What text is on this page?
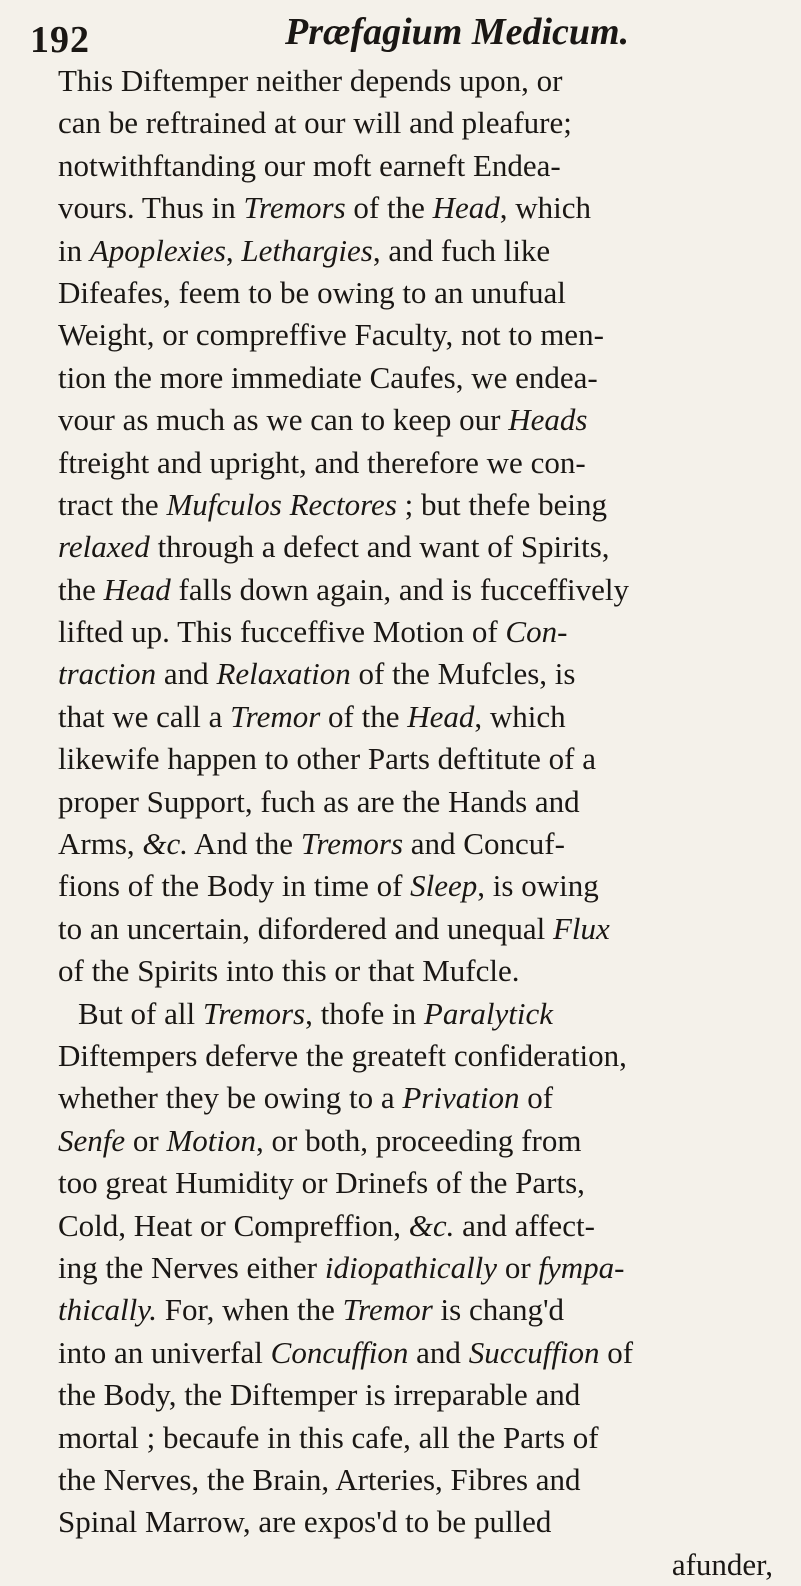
192	Præfagium Medicum.
This Diftemper neither depends upon, or
can be reftrained at our will and pleafure;
notwithftanding our moft earneft Endea-
vours. Thus in Tremors of the Head, which
in Apoplexies, Lethargies, and fuch like
Difeafes, feem to be owing to an unufual
Weight, or compreffive Faculty, not to men-
tion the more immediate Caufes, we endea-
vour as much as we can to keep our Heads
ftreight and upright, and therefore we con-
tract the Mufculos Rectores ; but thefe being
relaxed through a defect and want of Spirits,
the Head falls down again, and is fucceffively
lifted up. This fucceffive Motion of Con-
traction and Relaxation of the Mufcles, is
that we call a Tremor of the Head, which
likewife happen to other Parts deftitute of a
proper Support, fuch as are the Hands and
Arms, &c. And the Tremors and Concuf-
fions of the Body in time of Sleep, is owing
to an uncertain, difordered and unequal Flux
of the Spirits into this or that Mufcle.
But of all Tremors, thofe in Paralytick
Diftempers deferve the greateft confideration,
whether they be owing to a Privation of
Senfe or Motion, or both, proceeding from
too great Humidity or Drinefs of the Parts,
Cold, Heat or Compreffion, &c. and affect-
ing the Nerves either idiopathically or fympa-
thically. For, when the Tremor is chang'd
into an univerfal Concuffion and Succuffion of
the Body, the Diftemper is irreparable and
mortal ; becaufe in this cafe, all the Parts of
the Nerves, the Brain, Arteries, Fibres and
Spinal Marrow, are expos'd to be pulled
afunder,
